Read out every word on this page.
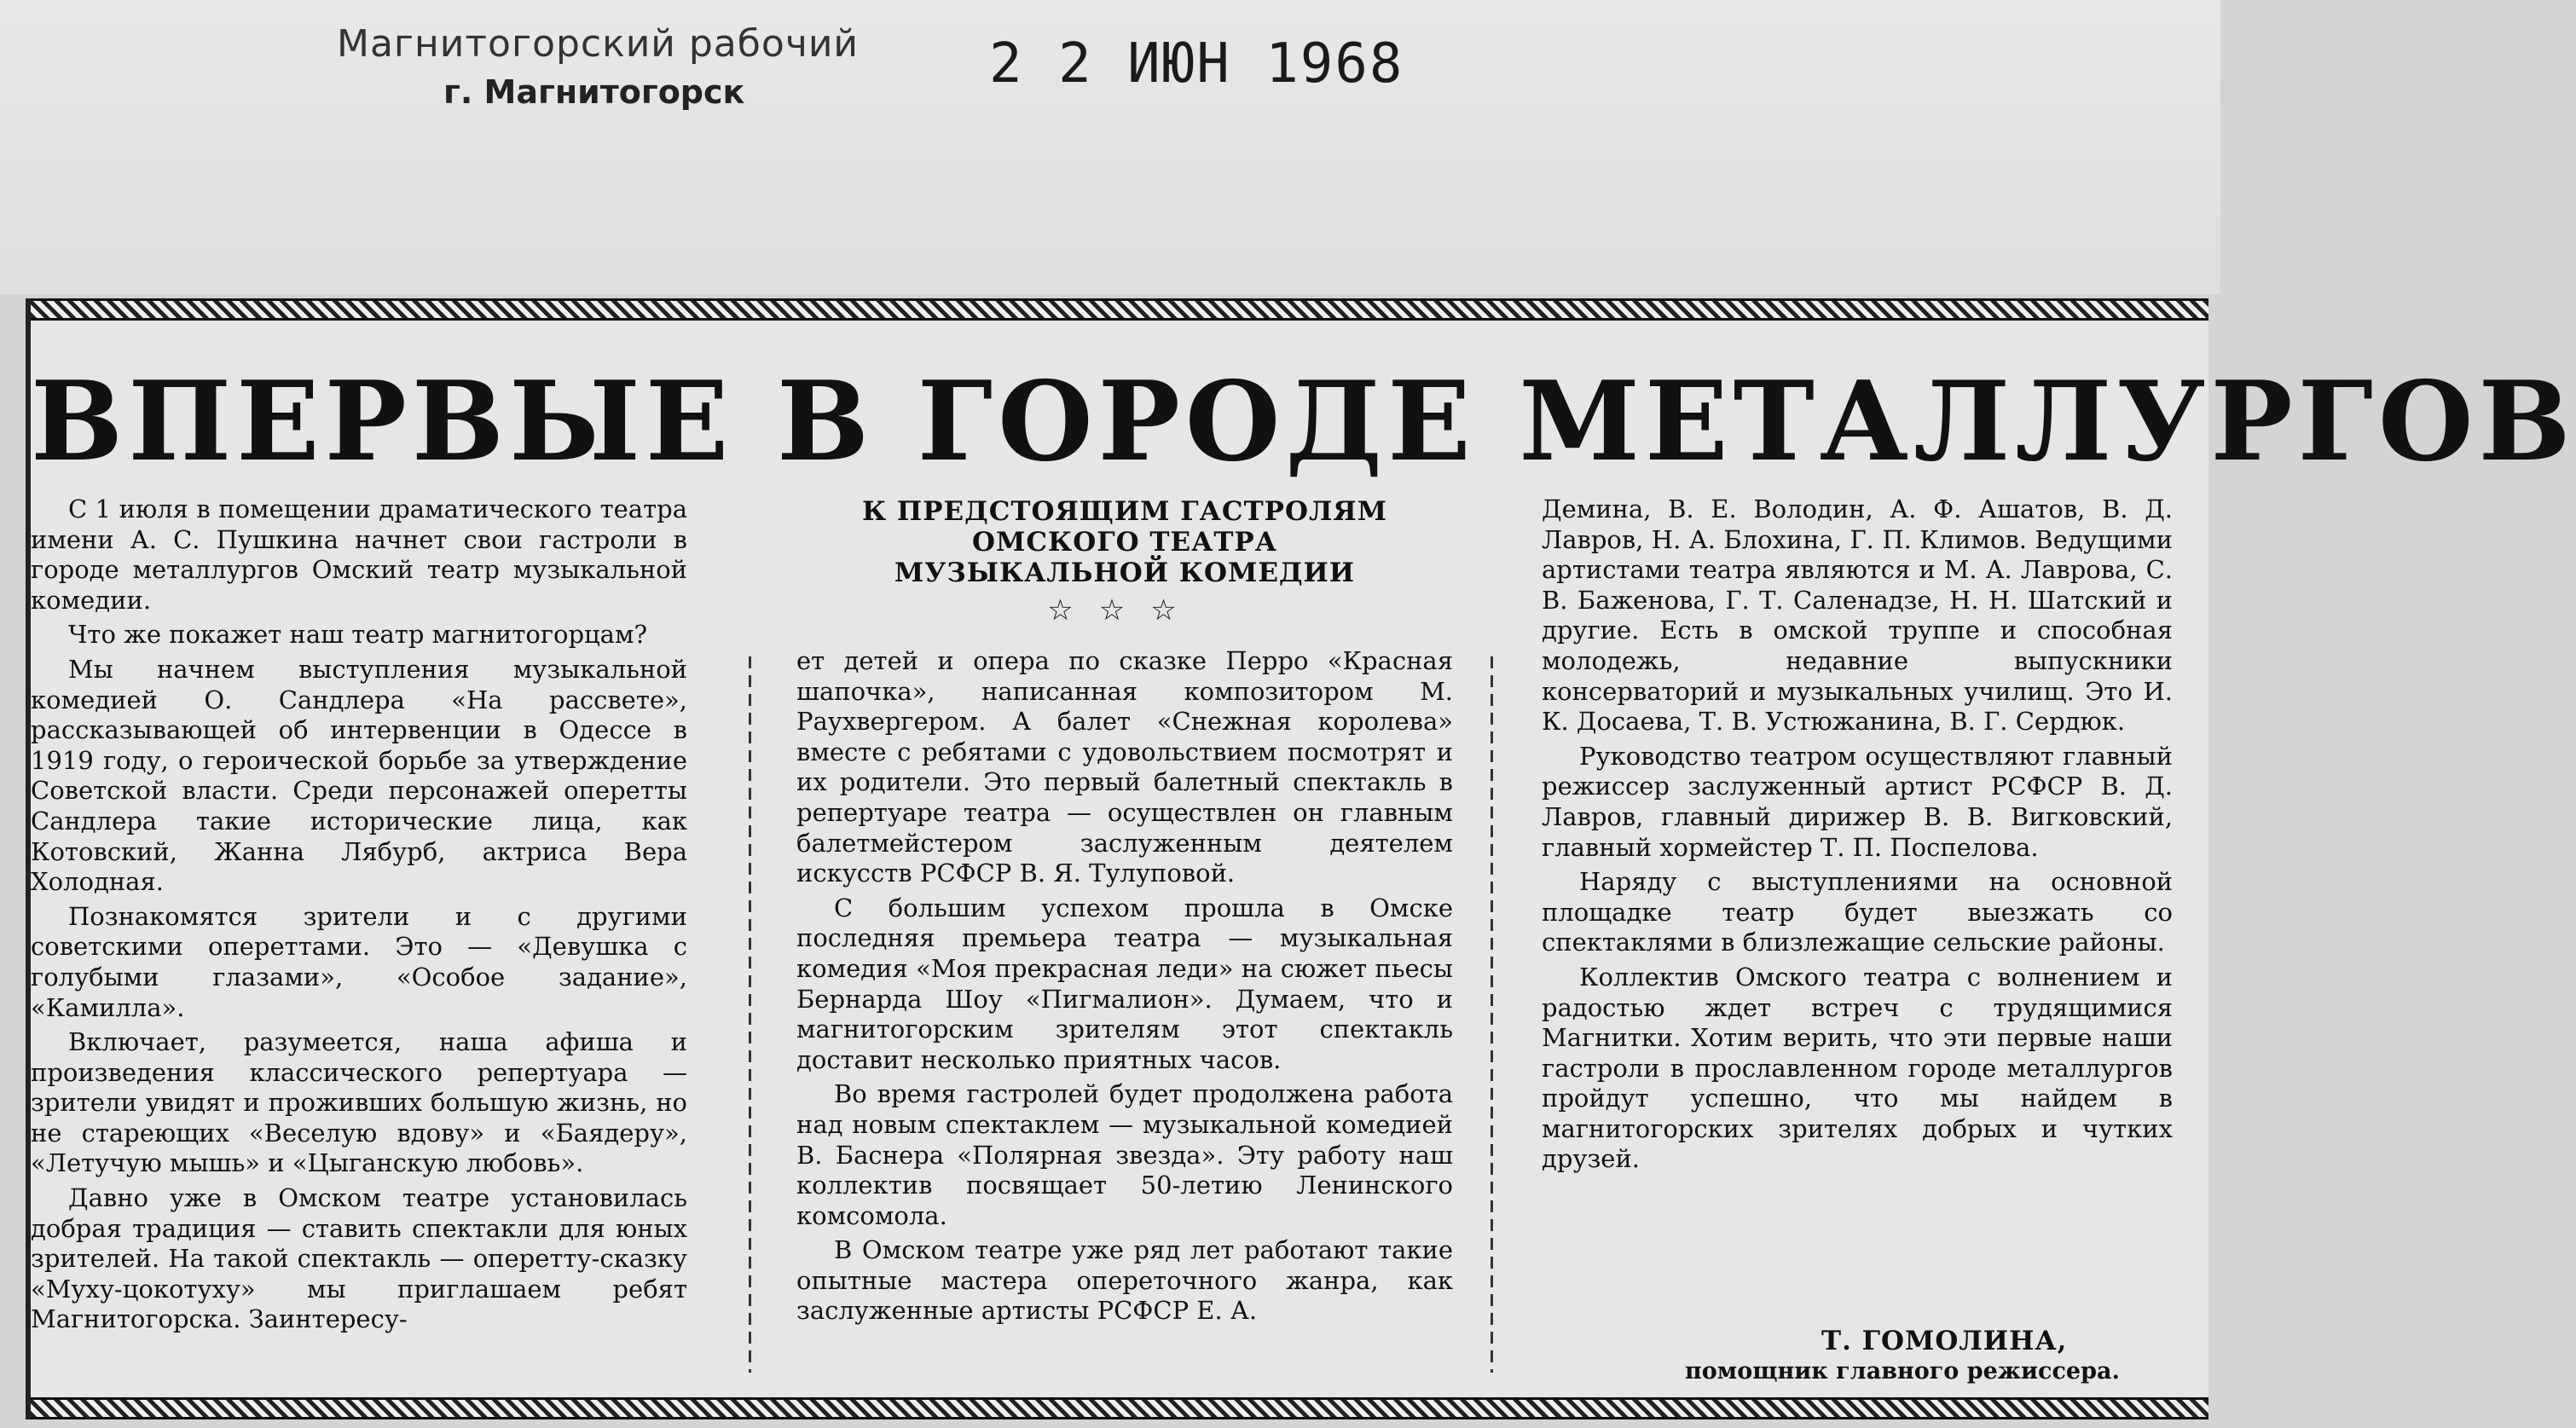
Магнитогорский рабочий
г. Магнитогорск	2 2 ИЮН 1968
ВПЕРВЫЕ В ГОРОДЕ МЕТАЛЛУРГОВ
К ПРЕДСТОЯЩИМ ГАСТРОЛЯМ
ОМСКОГО ТЕАТРА
МУЗЫКАЛЬНОЙ КОМЕДИИ
☆☆☆

С 1 июля в помещении драматического театра имени А. С. Пушкина начнет свои гастроли в городе металлургов Омский театр музыкальной комедии.

Что же покажет наш театр магнитогорцам?

Мы начнем выступления музыкальной комедией О. Сандлера «На рассвете», рассказывающей об интервенции в Одессе в 1919 году, о героической борьбе за утверждение Советской власти. Среди персонажей оперетты Сандлера такие исторические лица, как Котовский, Жанна Лябурб, актриса Вера Холодная.

Познакомятся зрители и с другими советскими опереттами. Это — «Девушка с голубыми глазами», «Особое задание», «Камилла».

Включает, разумеется, наша афиша и произведения классического репертуара — зрители увидят и проживших большую жизнь, но не стареющих «Веселую вдову» и «Баядеру», «Летучую мышь» и «Цыганскую любовь».

Давно уже в Омском театре установилась добрая традиция — ставить спектакли для юных зрителей. На такой спектакль — оперетту-сказку «Муху-цокотуху» мы приглашаем ребят Магнитогорска. Заинтересу-

ет детей и опера по сказке Перро «Красная шапочка», написанная композитором М. Раухвергером. А балет «Снежная королева» вместе с ребятами с удовольствием посмотрят и их родители. Это первый балетный спектакль в репертуаре театра — осуществлен он главным балетмейстером заслуженным деятелем искусств РСФСР В. Я. Тулуповой.

С большим успехом прошла в Омске последняя премьера театра — музыкальная комедия «Моя прекрасная леди» на сюжет пьесы Бернарда Шоу «Пигмалион». Думаем, что и магнитогорским зрителям этот спектакль доставит несколько приятных часов.

Во время гастролей будет продолжена работа над новым спектаклем — музыкальной комедией В. Баснера «Полярная звезда». Эту работу наш коллектив посвящает 50-летию Ленинского комсомола.

В Омском театре уже ряд лет работают такие опытные мастера опереточного жанра, как заслуженные артисты РСФСР Е. А.

Демина, В. Е. Володин, А. Ф. Ашатов, В. Д. Лавров, Н. А. Блохина, Г. П. Климов. Ведущими артистами театра являются и М. А. Лаврова, С. В. Баженова, Г. Т. Саленадзе, Н. Н. Шатский и другие. Есть в омской труппе и способная молодежь, недавние выпускники консерваторий и музыкальных училищ. Это И. К. Досаева, Т. В. Устюжанина, В. Г. Сердюк.

Руководство театром осуществляют главный режиссер заслуженный артист РСФСР В. Д. Лавров, главный дирижер В. В. Вигковский, главный хормейстер Т. П. Поспелова.

Наряду с выступлениями на основной площадке театр будет выезжать со спектаклями в близлежащие сельские районы.

Коллектив Омского театра с волнением и радостью ждет встреч с трудящимися Магнитки. Хотим верить, что эти первые наши гастроли в прославленном городе металлургов пройдут успешно, что мы найдем в магнитогорских зрителях добрых и чутких друзей.

Т. ГОМОЛИНА,
помощник главного режиссера.
